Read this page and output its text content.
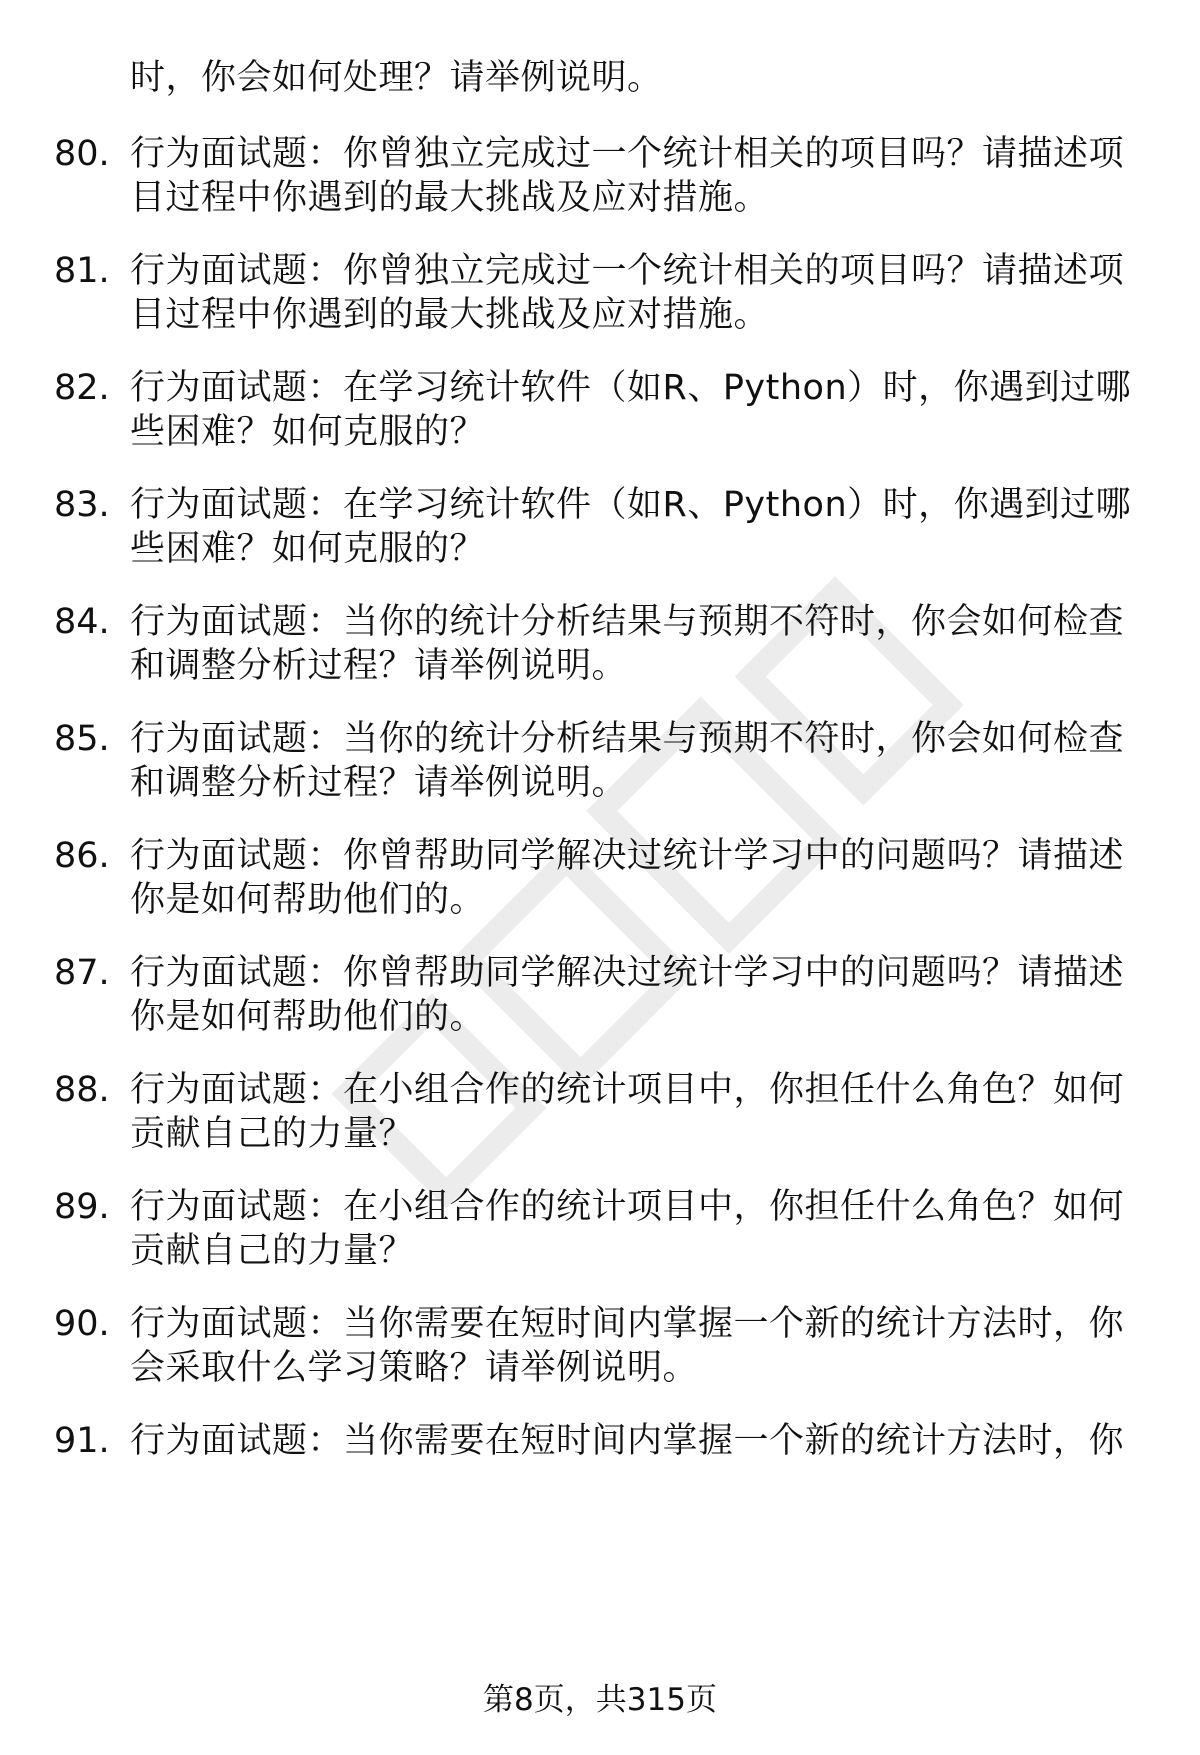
时，你会如何处理？请举例说明。
80. 行为面试题：你曾独立完成过一个统计相关的项目吗？请描述项
目过程中你遇到的最大挑战及应对措施。
81. 行为面试题：你曾独立完成过一个统计相关的项目吗？请描述项
目过程中你遇到的最大挑战及应对措施。
82. 行为面试题：在学习统计软件（如R、Python）时，你遇到过哪
些困难？如何克服的？
83. 行为面试题：在学习统计软件（如R、Python）时，你遇到过哪
些困难？如何克服的？
84. 行为面试题：当你的统计分析结果与预期不符时，你会如何检查
和调整分析过程？请举例说明。
85. 行为面试题：当你的统计分析结果与预期不符时，你会如何检查
和调整分析过程？请举例说明。
86. 行为面试题：你曾帮助同学解决过统计学习中的问题吗？请描述
你是如何帮助他们的。
87. 行为面试题：你曾帮助同学解决过统计学习中的问题吗？请描述
你是如何帮助他们的。
88. 行为面试题：在小组合作的统计项目中，你担任什么角色？如何
贡献自己的力量？
89. 行为面试题：在小组合作的统计项目中，你担任什么角色？如何
贡献自己的力量？
90. 行为面试题：当你需要在短时间内掌握一个新的统计方法时，你
会采取什么学习策略？请举例说明。
91. 行为面试题：当你需要在短时间内掌握一个新的统计方法时，你
第8页，共315页
